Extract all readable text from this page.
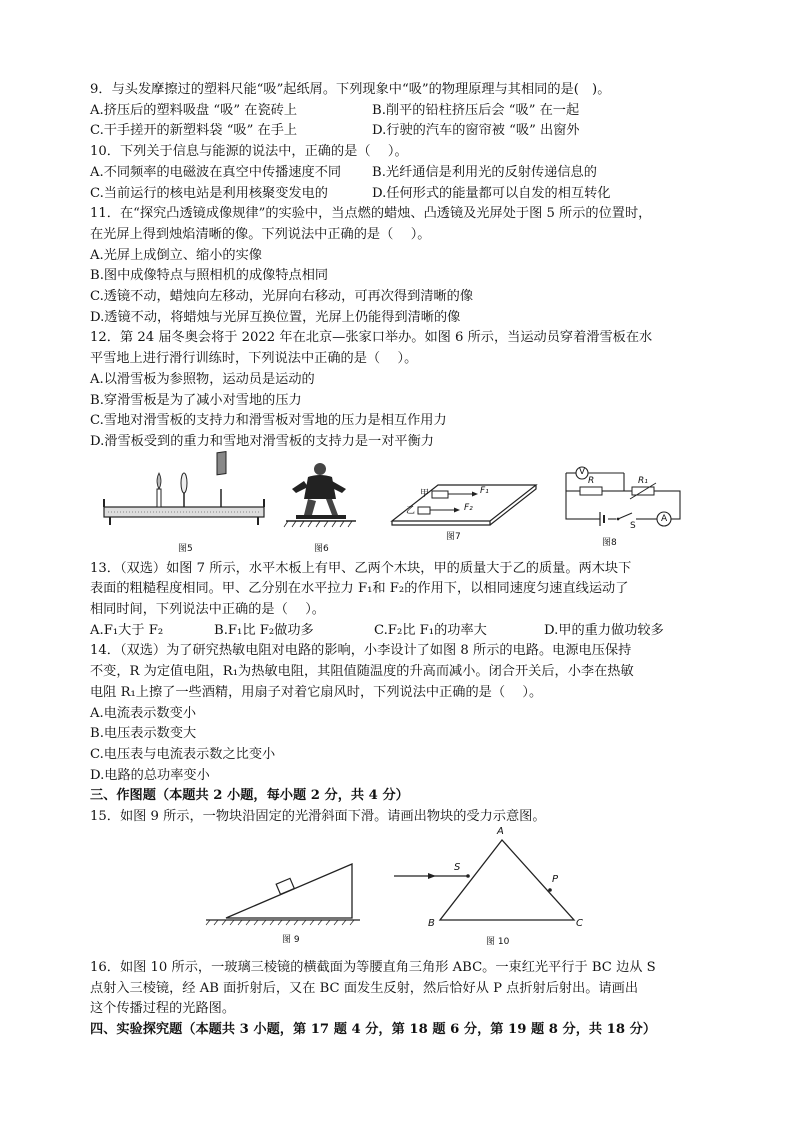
9．与头发摩擦过的塑料尺能“吸”起纸屑。下列现象中“吸”的物理原理与其相同的是(　)。
A.挤压后的塑料吸盘 “吸” 在瓷砖上	B.削平的铅柱挤压后会 “吸” 在一起
C.干手搓开的新塑料袋 “吸” 在手上	D.行驶的汽车的窗帘被 “吸” 出窗外
10．下列关于信息与能源的说法中，正确的是（　 ）。
A.不同频率的电磁波在真空中传播速度不同	B.光纤通信是利用光的反射传递信息的
C.当前运行的核电站是利用核聚变发电的	D.任何形式的能量都可以自发的相互转化
11．在“探究凸透镜成像规律”的实验中，当点燃的蜡烛、凸透镜及光屏处于图 5 所示的位置时，
在光屏上得到烛焰清晰的像。下列说法中正确的是（　 ）。
A.光屏上成倒立、缩小的实像
B.图中成像特点与照相机的成像特点相同
C.透镜不动，蜡烛向左移动，光屏向右移动，可再次得到清晰的像
D.透镜不动，将蜡烛与光屏互换位置，光屏上仍能得到清晰的像
12．第 24 届冬奥会将于 2022 年在北京—张家口举办。如图 6 所示，当运动员穿着滑雪板在水
平雪地上进行滑行训练时，下列说法中正确的是（　 ）。
A.以滑雪板为参照物，运动员是运动的
B.穿滑雪板是为了减小对雪地的压力
C.雪地对滑雪板的支持力和滑雪板对雪地的压力是相互作用力
D.滑雪板受到的重力和雪地对滑雪板的支持力是一对平衡力
图5	图6
甲	F₁
乙	F₂
图7
V
R	R₁
S
A
图8
13．（双选）如图 7 所示，水平木板上有甲、乙两个木块，甲的质量大于乙的质量。两木块下
表面的粗糙程度相同。甲、乙分别在水平拉力 F₁和 F₂的作用下，以相同速度匀速直线运动了
相同时间，下列说法中正确的是（　 ）。
A.F₁大于 F₂	B.F₁比 F₂做功多	C.F₂比 F₁的功率大	D.甲的重力做功较多
14．（双选）为了研究热敏电阻对电路的影响，小李设计了如图 8 所示的电路。电源电压保持
不变，R 为定值电阻，R₁为热敏电阻，其阻值随温度的升高而减小。闭合开关后，小李在热敏
电阻 R₁上擦了一些酒精，用扇子对着它扇风时，下列说法中正确的是（　 ）。
A.电流表示数变小
B.电压表示数变大
C.电压表与电流表示数之比变小
D.电路的总功率变小
三、作图题（本题共 2 小题，每小题 2 分，共 4 分）
15．如图 9 所示，一物块沿固定的光滑斜面下滑。请画出物块的受力示意图。
图 9
A
S
P
B	C
图 10
16．如图 10 所示，一玻璃三棱镜的横截面为等腰直角三角形 ABC。一束红光平行于 BC 边从 S
点射入三棱镜，经 AB 面折射后，又在 BC 面发生反射，然后恰好从 P 点折射后射出。请画出
这个传播过程的光路图。
四、实验探究题（本题共 3 小题，第 17 题 4 分，第 18 题 6 分，第 19 题 8 分，共 18 分）
